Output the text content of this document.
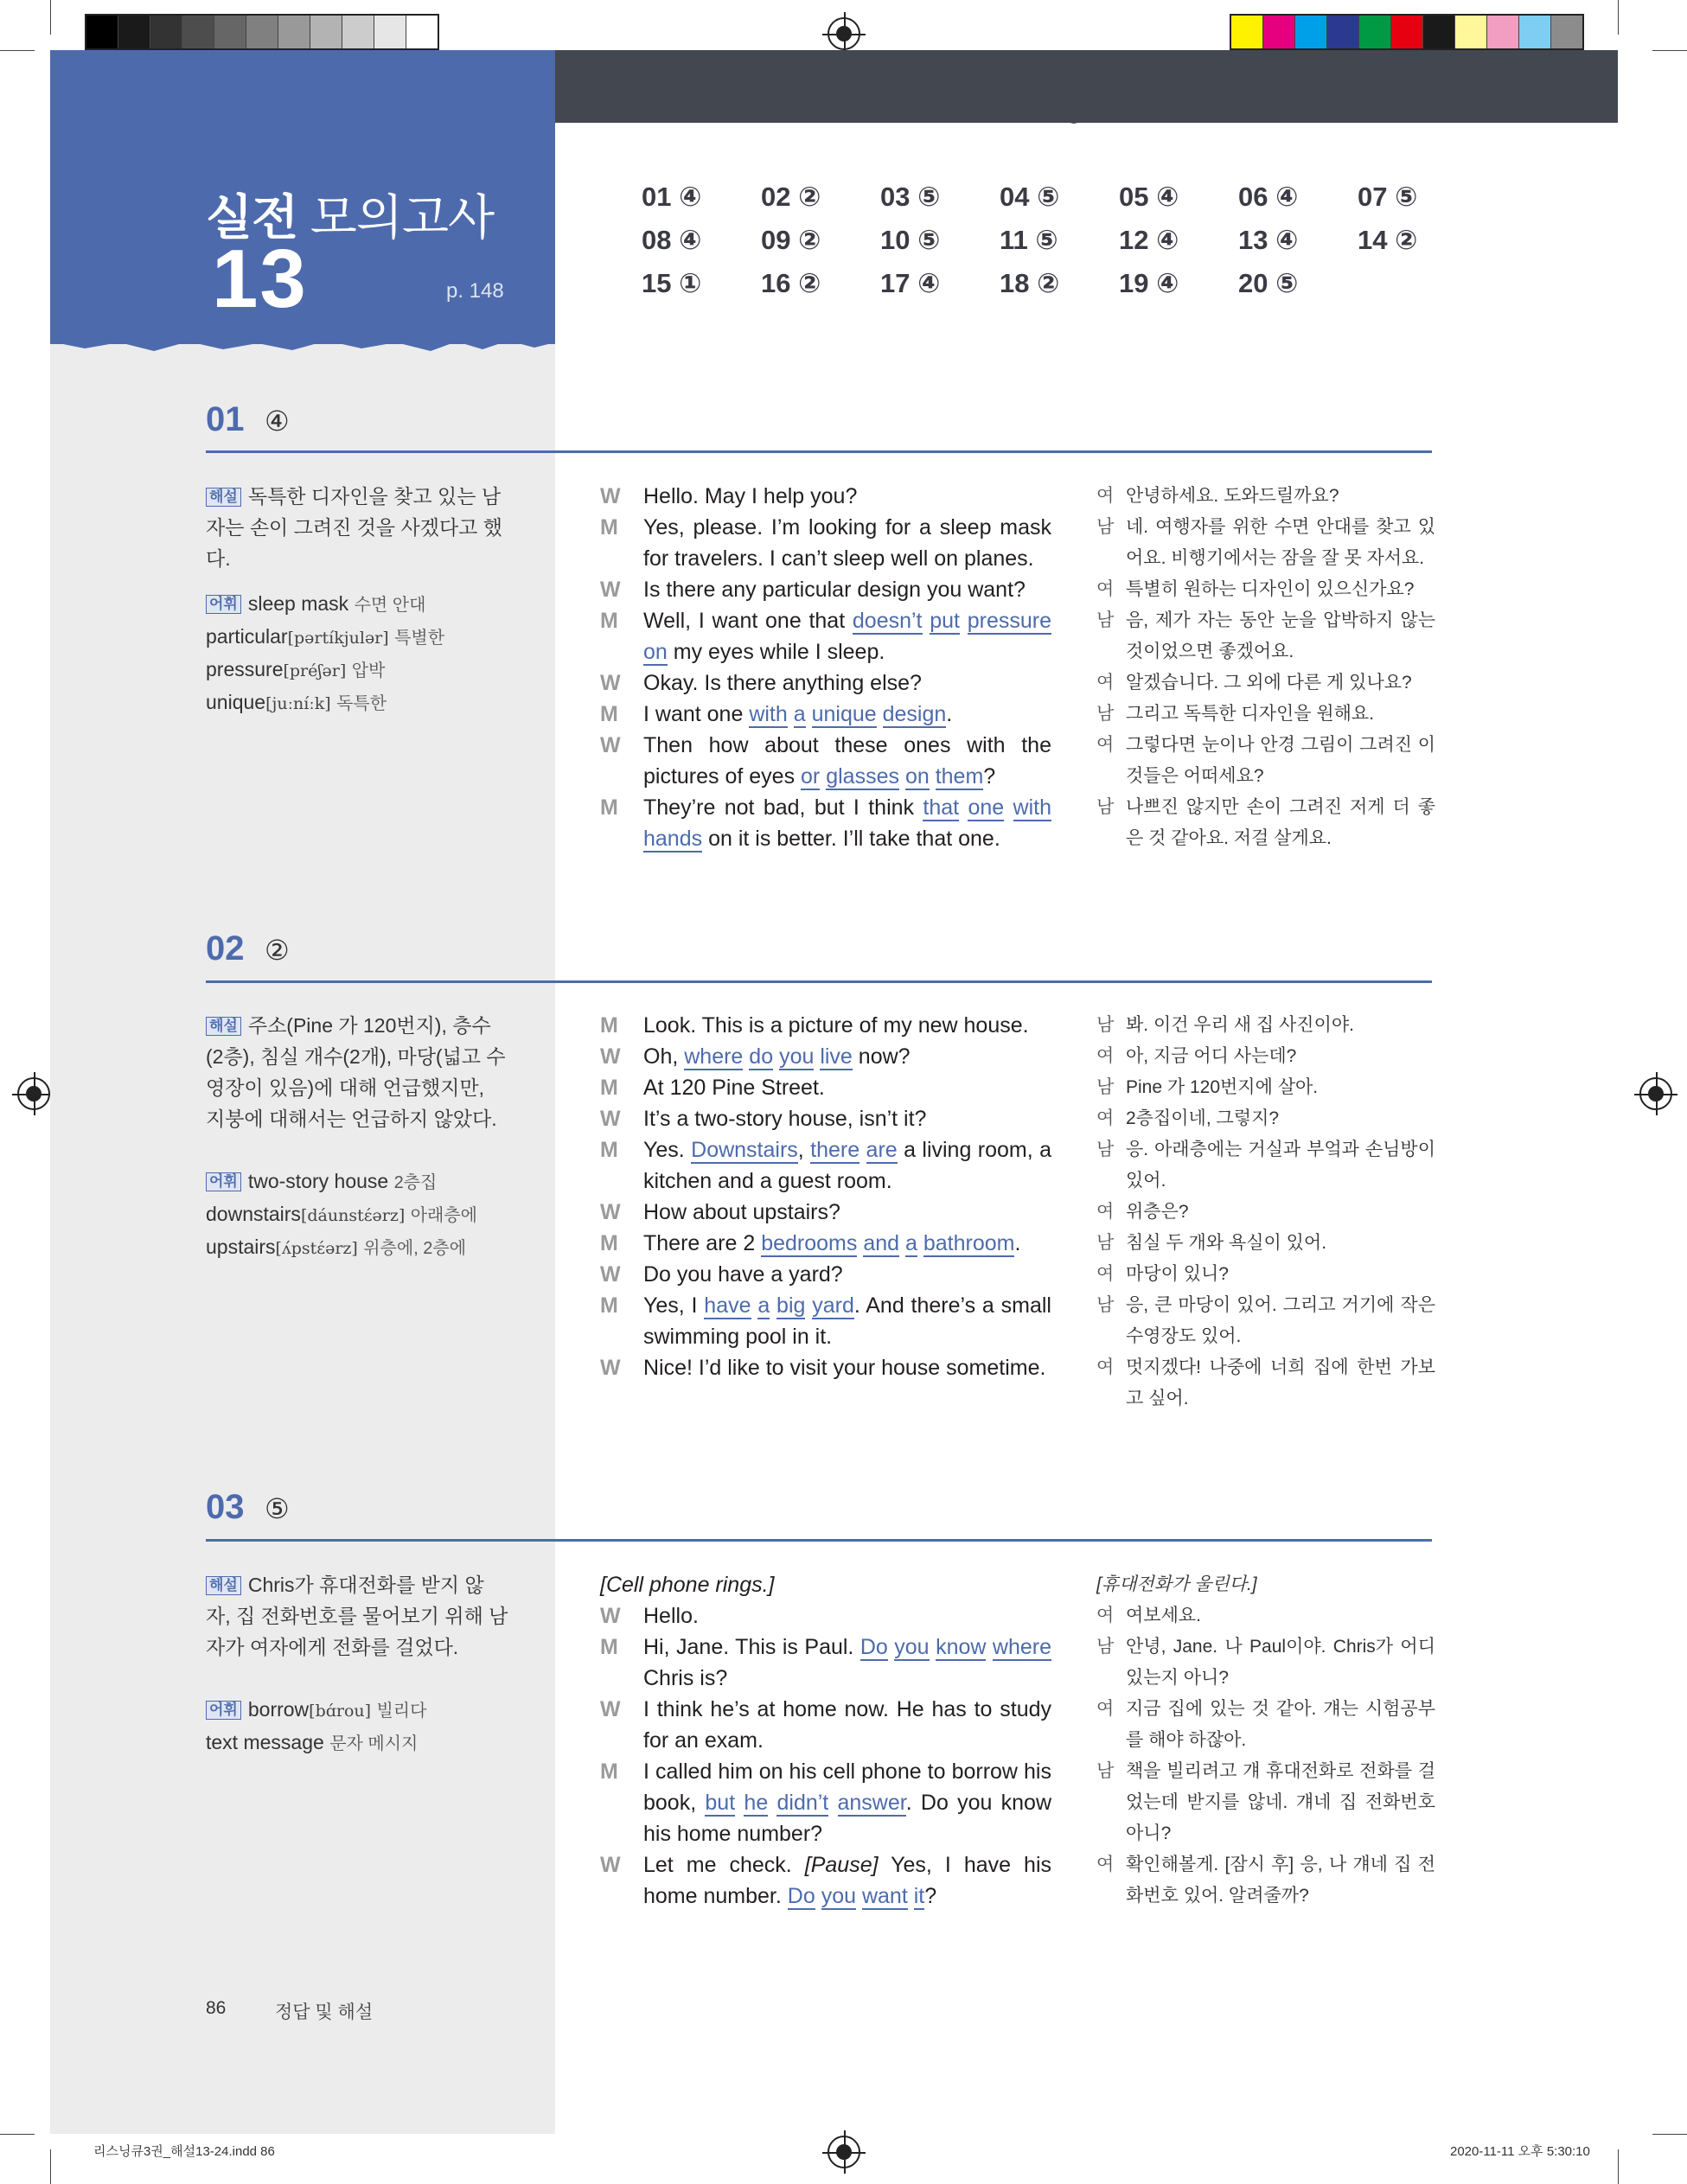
실전 모의고사
13	p. 148
01 ④ 02 ② 03 ⑤ 04 ⑤ 05 ④ 06 ④ 07 ⑤
08 ④ 09 ② 10 ⑤ 11 ⑤ 12 ④ 13 ④ 14 ②
15 ① 16 ② 17 ④ 18 ② 19 ④ 20 ⑤
01 ④
해설 독특한 디자인을 찾고 있는 남자는 손이 그려진 것을 사겠다고 했다.
어휘 sleep mask 수면 안대
particular[pərtíkjulər] 특별한
pressure[préʃər] 압박
unique[juːníːk] 독특한
W Hello. May I help you?
M Yes, please. I’m looking for a sleep mask for travelers. I can’t sleep well on planes.
W Is there any particular design you want?
M Well, I want one that doesn’t put pressure on my eyes while I sleep.
W Okay. Is there anything else?
M I want one with a unique design.
W Then how about these ones with the pictures of eyes or glasses on them?
M They’re not bad, but I think that one with hands on it is better. I’ll take that one.
여 안녕하세요. 도와드릴까요?
남 네. 여행자를 위한 수면 안대를 찾고 있어요. 비행기에서는 잠을 잘 못 자서요.
여 특별히 원하는 디자인이 있으신가요?
남 음, 제가 자는 동안 눈을 압박하지 않는 것이었으면 좋겠어요.
여 알겠습니다. 그 외에 다른 게 있나요?
남 그리고 독특한 디자인을 원해요.
여 그렇다면 눈이나 안경 그림이 그려진 이것들은 어떠세요?
남 나쁘진 않지만 손이 그려진 저게 더 좋은 것 같아요. 저걸 살게요.
02 ②
해설 주소(Pine 가 120번지), 층수(2층), 침실 개수(2개), 마당(넓고 수영장이 있음)에 대해 언급했지만, 지붕에 대해서는 언급하지 않았다.
어휘 two-story house 2층집
downstairs[dáunstέərz] 아래층에
upstairs[ʌ́pstέərz] 위층에, 2층에
M Look. This is a picture of my new house.
W Oh, where do you live now?
M At 120 Pine Street.
W It’s a two-story house, isn’t it?
M Yes. Downstairs, there are a living room, a kitchen and a guest room.
W How about upstairs?
M There are 2 bedrooms and a bathroom.
W Do you have a yard?
M Yes, I have a big yard. And there’s a small swimming pool in it.
W Nice! I’d like to visit your house sometime.
남 봐. 이건 우리 새 집 사진이야.
여 아, 지금 어디 사는데?
남 Pine 가 120번지에 살아.
여 2층집이네, 그렇지?
남 응. 아래층에는 거실과 부엌과 손님방이 있어.
여 위층은?
남 침실 두 개와 욕실이 있어.
여 마당이 있니?
남 응, 큰 마당이 있어. 그리고 거기에 작은 수영장도 있어.
여 멋지겠다! 나중에 너희 집에 한번 가보고 싶어.
03 ⑤
해설 Chris가 휴대전화를 받지 않자, 집 전화번호를 물어보기 위해 남자가 여자에게 전화를 걸었다.
어휘 borrow[bɑ́rou] 빌리다
text message 문자 메시지
[Cell phone rings.]
W Hello.
M Hi, Jane. This is Paul. Do you know where Chris is?
W I think he’s at home now. He has to study for an exam.
M I called him on his cell phone to borrow his book, but he didn’t answer. Do you know his home number?
W Let me check. [Pause] Yes, I have his home number. Do you want it?
[휴대전화가 울린다.]
여 여보세요.
남 안녕, Jane. 나 Paul이야. Chris가 어디 있는지 아니?
여 지금 집에 있는 것 같아. 걔는 시험공부를 해야 하잖아.
남 책을 빌리려고 걔 휴대전화로 전화를 걸었는데 받지를 않네. 걔네 집 전화번호 아니?
여 확인해볼게. [잠시 후] 응, 나 걔네 집 전화번호 있어. 알려줄까?
86	정답 및 해설
리스닝큐3권_해설13-24.indd 86	2020-11-11 오후 5:30:10
